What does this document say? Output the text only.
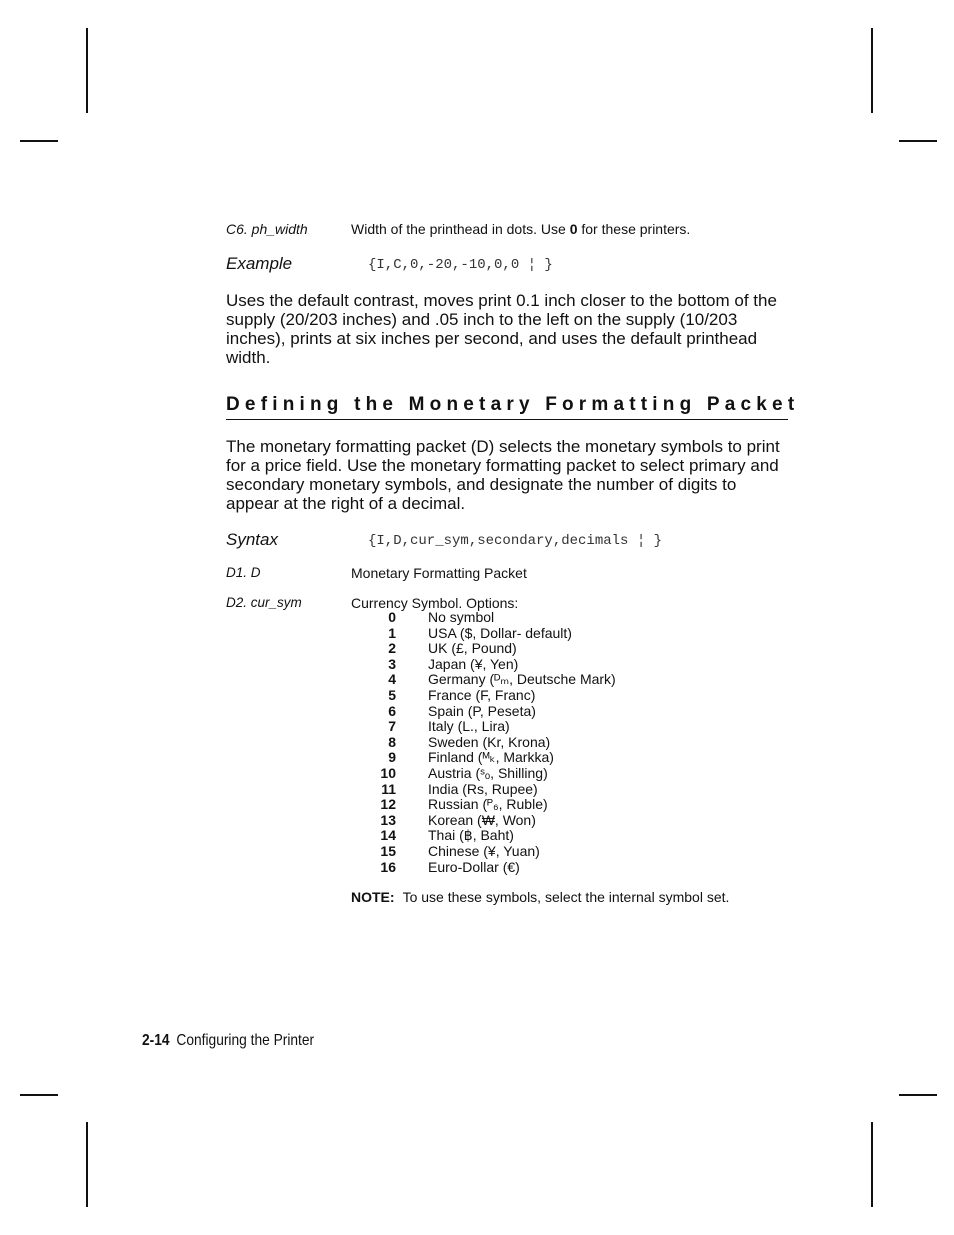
C6. ph_width	Width of the printhead in dots. Use 0 for these printers.
Example	{I,C,0,-20,-10,0,0 ¦ }
Uses the default contrast, moves print 0.1 inch closer to the bottom of the supply (20/203 inches) and .05 inch to the left on the supply (10/203 inches), prints at six inches per second, and uses the default printhead width.
Defining the Monetary Formatting Packet
The monetary formatting packet (D) selects the monetary symbols to print for a price field. Use the monetary formatting packet to select primary and secondary monetary symbols, and designate the number of digits to appear at the right of a decimal.
Syntax	{I,D,cur_sym,secondary,decimals ¦ }
D1. D	Monetary Formatting Packet
D2. cur_sym	Currency Symbol. Options:
0 No symbol
1 USA ($, Dollar- default)
2 UK (£, Pound)
3 Japan (¥, Yen)
4 Germany (ᴰₘ, Deutsche Mark)
5 France (F, Franc)
6 Spain (P, Peseta)
7 Italy (L., Lira)
8 Sweden (Kr, Krona)
9 Finland (ᴹₖ, Markka)
10 Austria (ˢₒ, Shilling)
11 India (Rs, Rupee)
12 Russian (ᴾ₆, Ruble)
13 Korean (₩, Won)
14 Thai (฿, Baht)
15 Chinese (¥, Yuan)
16 Euro-Dollar (€)
NOTE: To use these symbols, select the internal symbol set.
2-14 Configuring the Printer
